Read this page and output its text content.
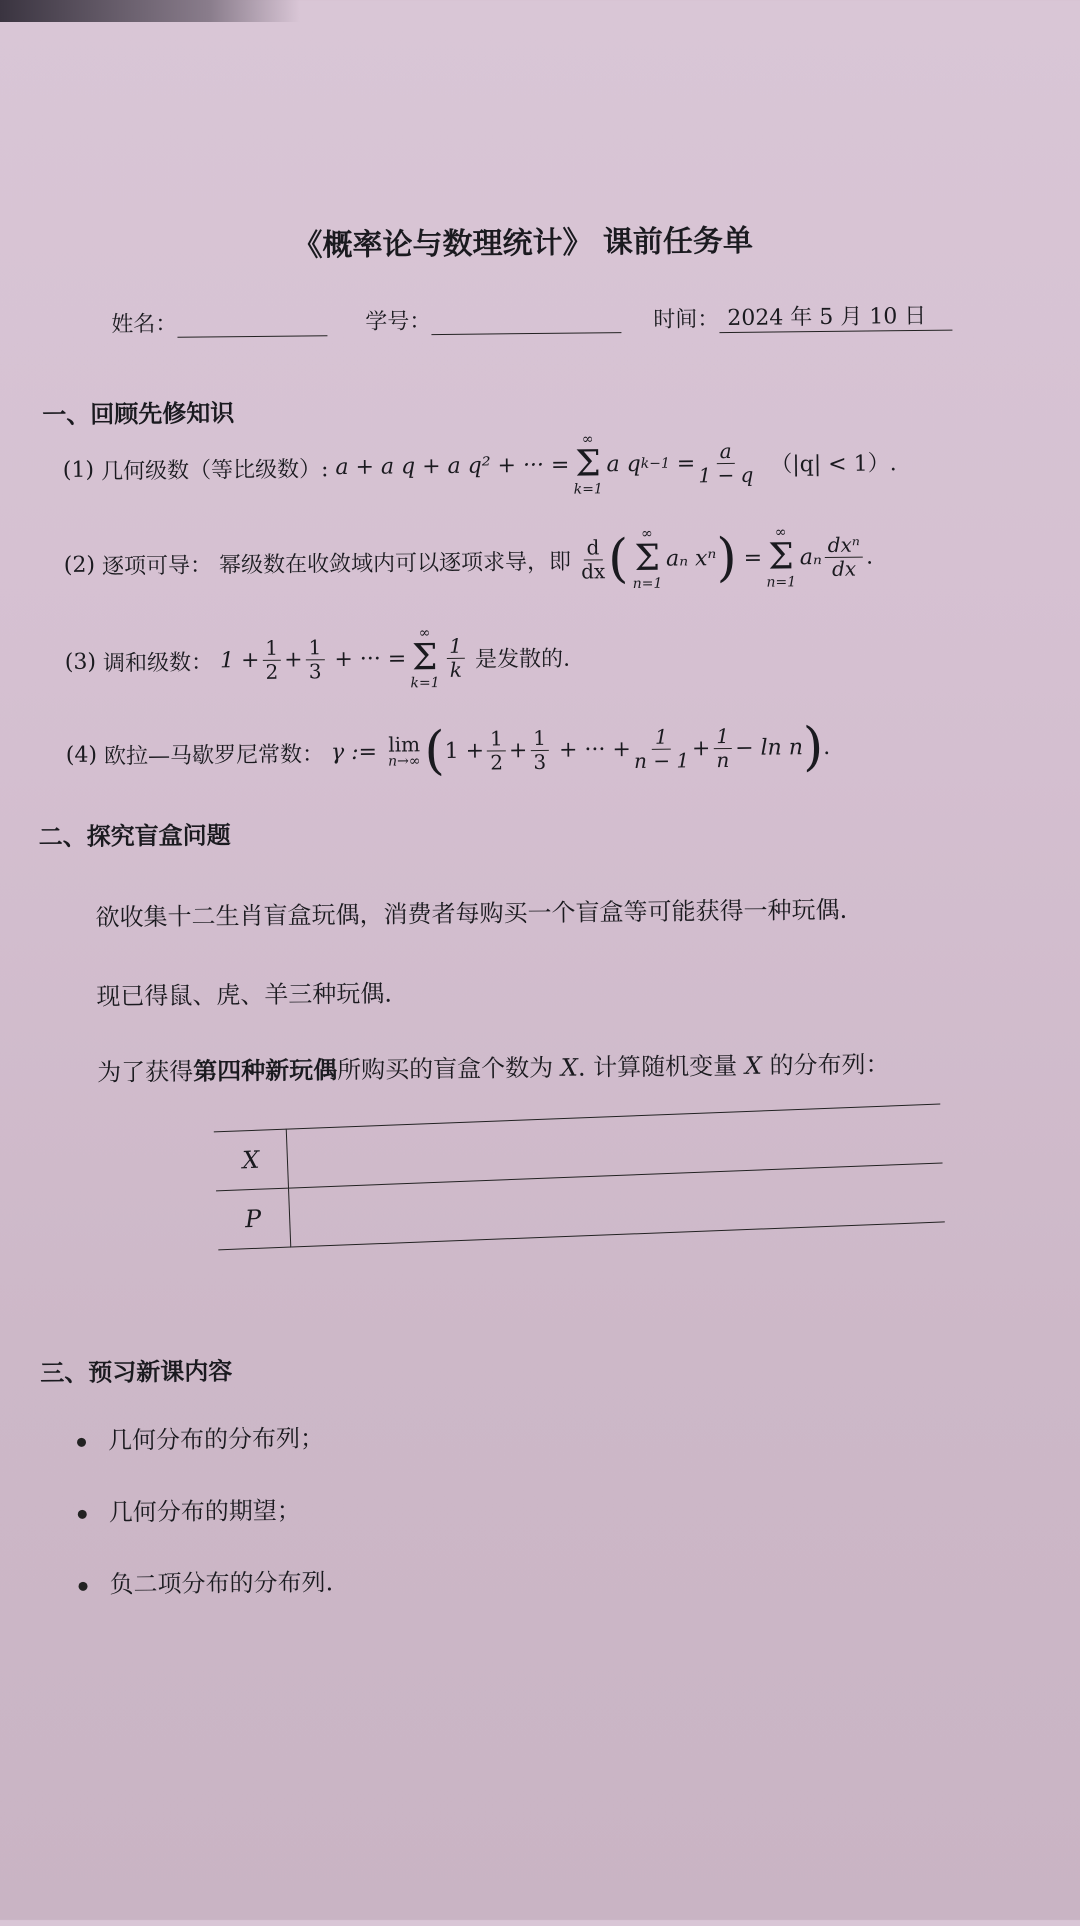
《概率论与数理统计》 课前任务单
姓名：	学号：	时间： 2024 年 5 月 10 日
一、回顾先修知识
(1)
几何级数（等比级数）:
a + a q + a q² + ··· =
∞
Σ
k=1
a q k−1
= $\frac{a}{1 - q}$
（|q| < 1）.
(2)
逐项可导：
幂级数在收敛域内可以逐项求导，即
$\frac{d}{dx}$ ( ∞
Σ
n=1
aₙ xⁿ )
=
∞
Σ
n=1
aₙ $\frac{\text{dxⁿ}}{dx}$ .
(3)
调和级数：
$1 + \frac{1}{2} + \frac{1}{3}$
+ ··· =
∞
Σ
k=1
$\frac{1}{k}$
是发散的.
(4)
欧拉—马歇罗尼常数：
γ :=
lim
n→∞ ( $1 + \frac{1}{2} + \frac{1}{3}$
+ ··· + $\frac{1}{n - 1} + \frac{1}{n} - \ln n$ ) .
二、探究盲盒问题
欲收集十二生肖盲盒玩偶，消费者每购买一个盲盒等可能获得一种玩偶.
现已得鼠、虎、羊三种玩偶.
为了获得第四种新玩偶所购买的盲盒个数为 X. 计算随机变量 X 的分布列：
X	
P	
三、预习新课内容
几何分布的分布列；
几何分布的期望；
负二项分布的分布列.
